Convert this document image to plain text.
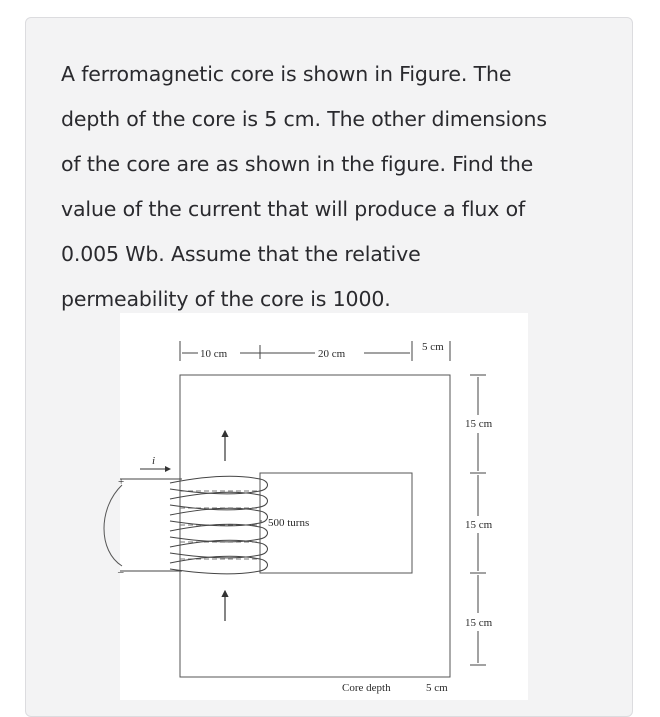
A ferromagnetic core is shown in Figure. The
depth of the core is 5 cm. The other dimensions
of the core are as shown in the figure. Find the
value of the current that will produce a flux of
0.005 Wb. Assume that the relative
permeability of the core is 1000.

10 cm	20 cm
5 cm
15 cm
15 cm
15 cm
500 turns
i
+
–
Core depth	5 cm
